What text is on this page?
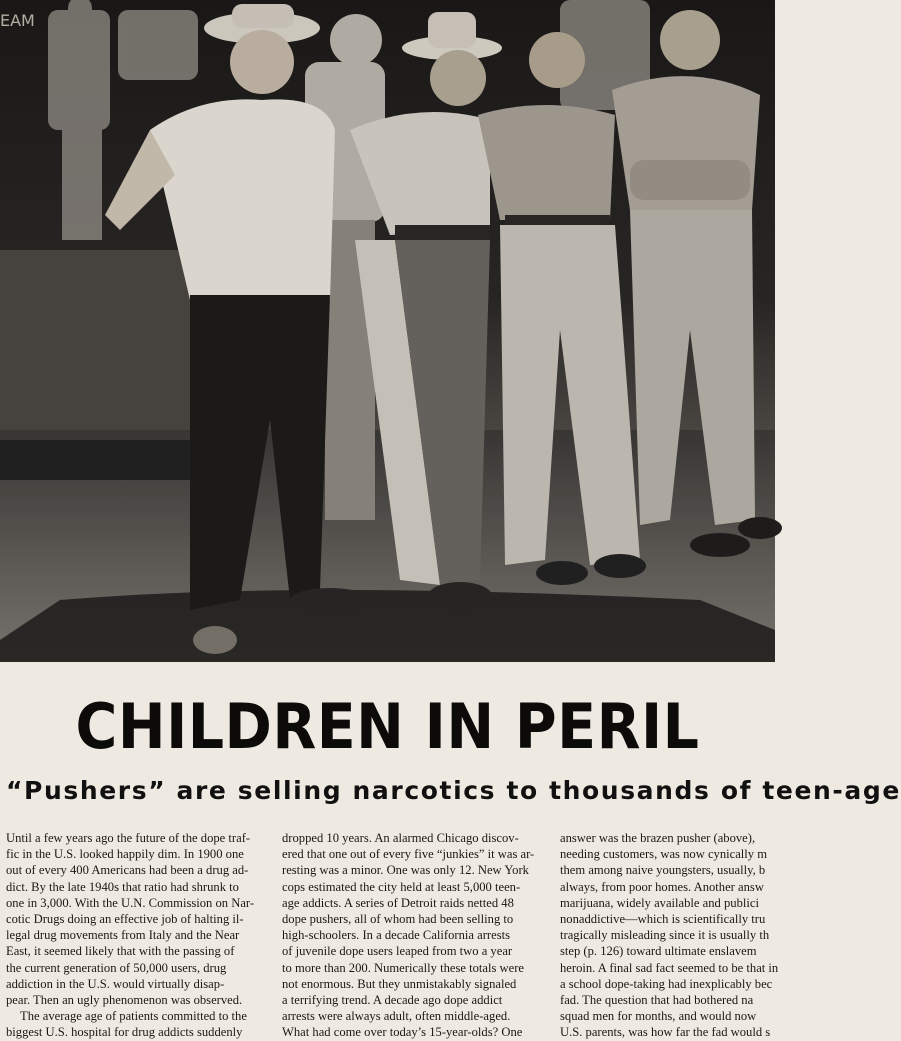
EAM
CHILDREN IN PERIL
“Pushers” are selling narcotics to thousands of teen-age
Until a few years ago the future of the dope traf-
fic in the U.S. looked happily dim. In 1900 one
out of every 400 Americans had been a drug ad-
dict. By the late 1940s that ratio had shrunk to
one in 3,000. With the U.N. Commission on Nar-
cotic Drugs doing an effective job of halting il-
legal drug movements from Italy and the Near
East, it seemed likely that with the passing of
the current generation of 50,000 users, drug
addiction in the U.S. would virtually disap-
pear. Then an ugly phenomenon was observed.
The average age of patients committed to the
biggest U.S. hospital for drug addicts suddenly
dropped 10 years. An alarmed Chicago discov-
ered that one out of every five “junkies” it was ar-
resting was a minor. One was only 12. New York
cops estimated the city held at least 5,000 teen-
age addicts. A series of Detroit raids netted 48
dope pushers, all of whom had been selling to
high-schoolers. In a decade California arrests
of juvenile dope users leaped from two a year
to more than 200. Numerically these totals were
not enormous. But they unmistakably signaled
a terrifying trend. A decade ago dope addict
arrests were always adult, often middle-aged.
What had come over today’s 15-year-olds? One
answer was the brazen pusher (above),
needing customers, was now cynically m
them among naive youngsters, usually, b
always, from poor homes. Another answ
marijuana, widely available and publici
nonaddictive—which is scientifically tru
tragically misleading since it is usually th
step (p. 126) toward ultimate enslavem
heroin. A final sad fact seemed to be that in
a school dope-taking had inexplicably bec
fad. The question that had bothered na
squad men for months, and would now
U.S. parents, was how far the fad would s
